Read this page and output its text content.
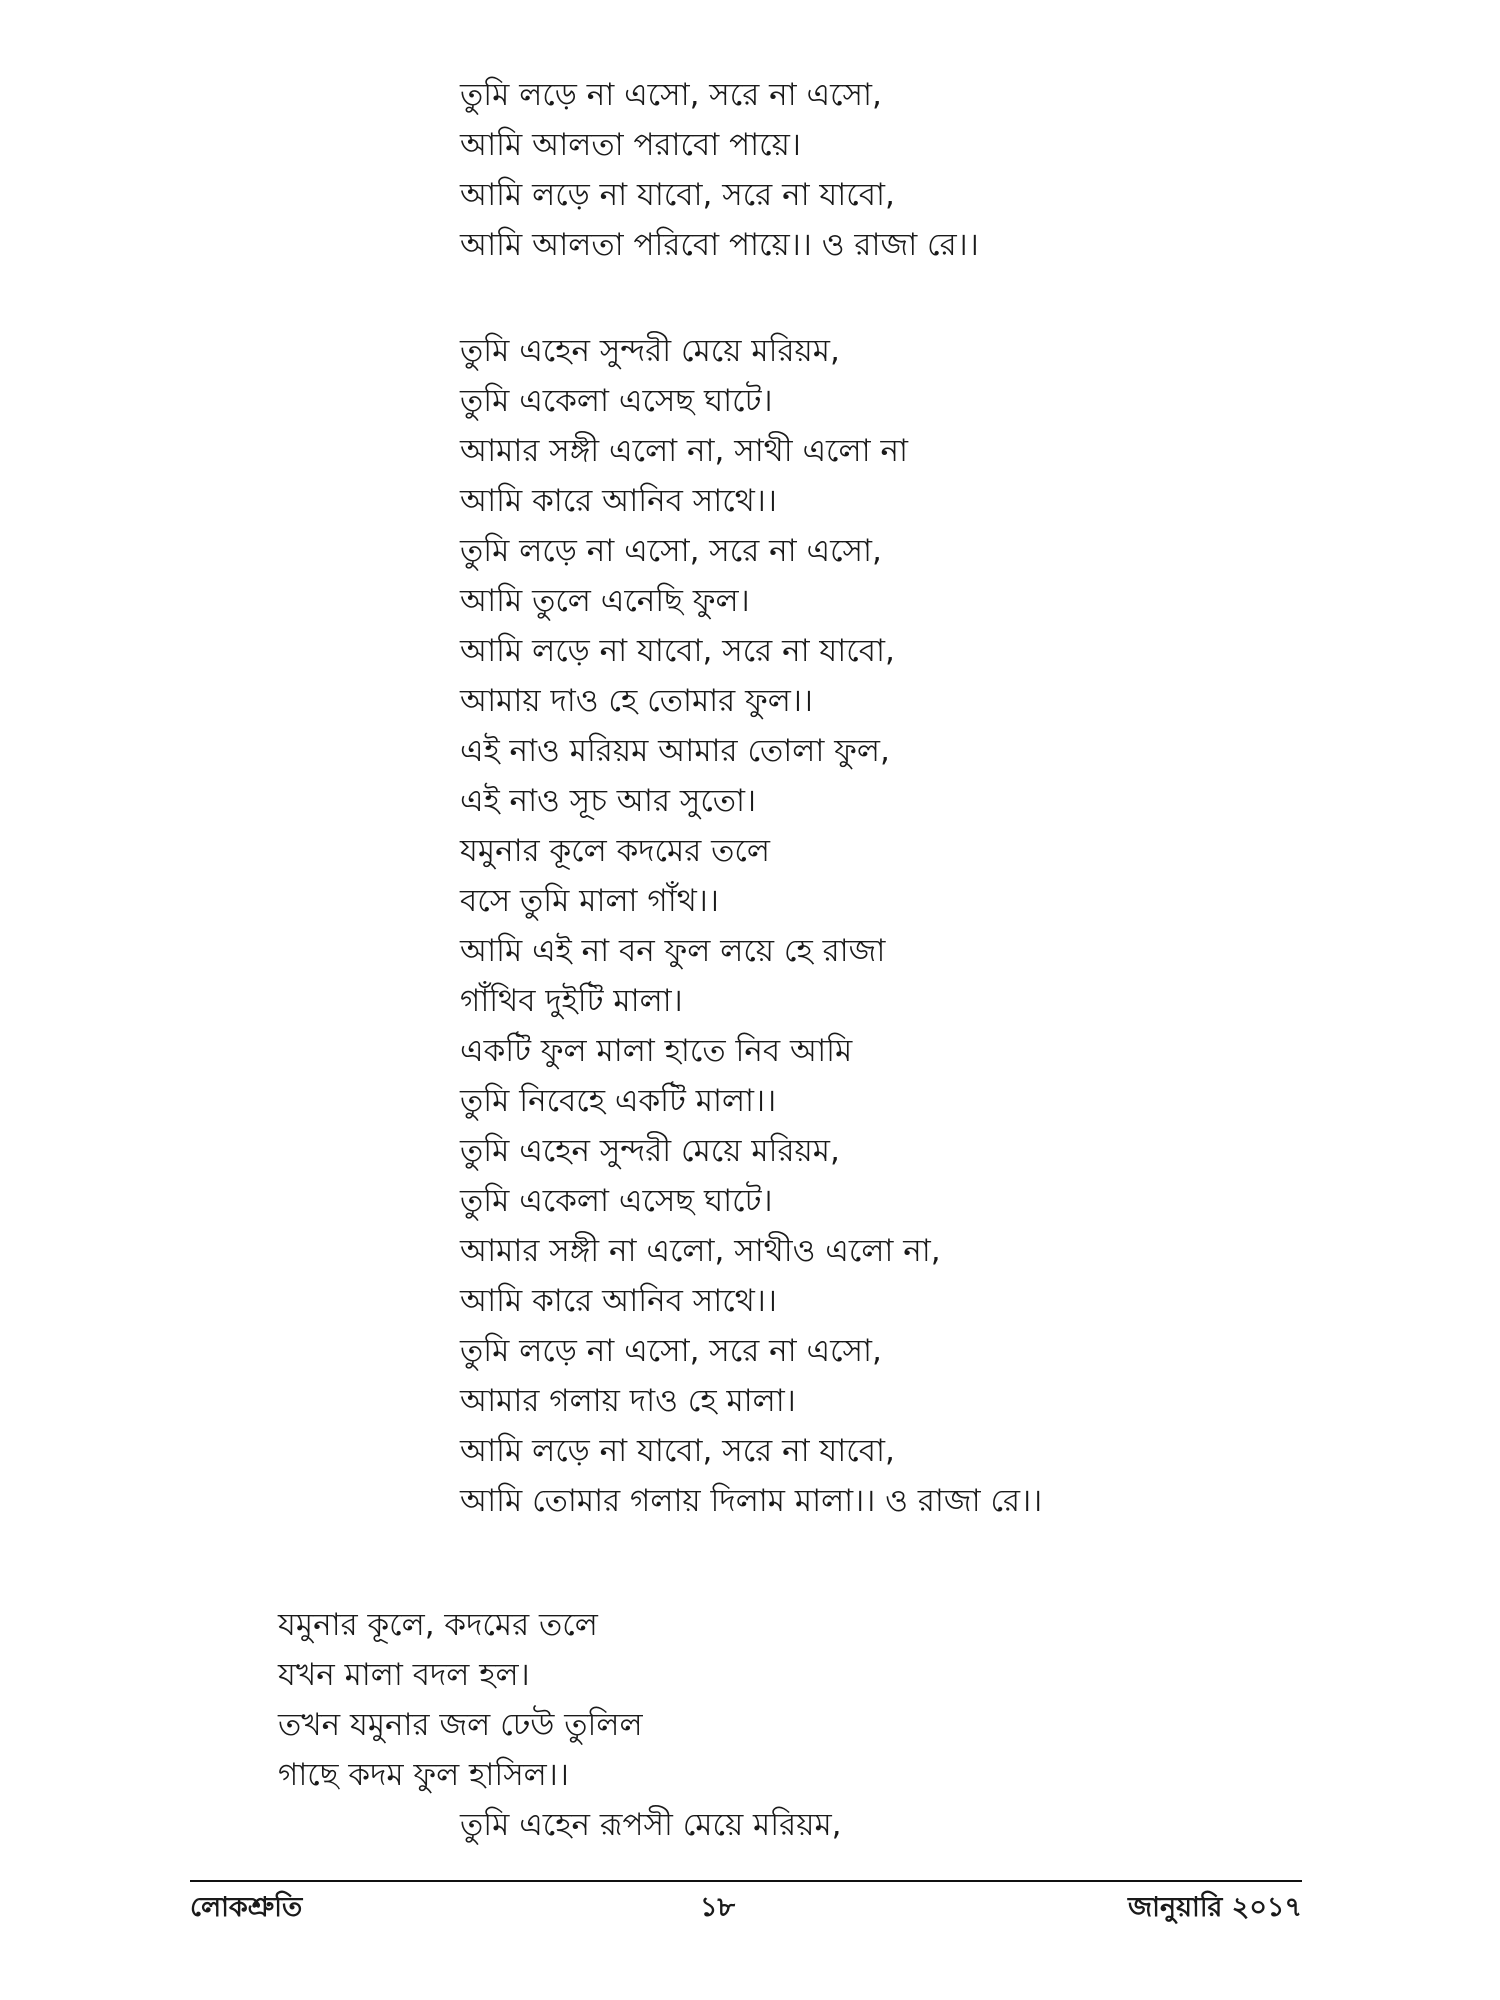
তুমি লড়ে না এসো, সরে না এসো,
আমি আলতা পরাবো পায়ে।
আমি লড়ে না যাবো, সরে না যাবো,
আমি আলতা পরিবো পায়ে।। ও রাজা রে।।
তুমি এহেন সুন্দরী মেয়ে মরিয়ম,
তুমি একেলা এসেছ ঘাটে।
আমার সঙ্গী এলো না, সাথী এলো না
আমি কারে আনিব সাথে।।
তুমি লড়ে না এসো, সরে না এসো,
আমি তুলে এনেছি ফুল।
আমি লড়ে না যাবো, সরে না যাবো,
আমায় দাও হে তোমার ফুল।।
এই নাও মরিয়ম আমার তোলা ফুল,
এই নাও সূচ আর সুতো।
যমুনার কূলে কদমের তলে
বসে তুমি মালা গাঁথ।।
আমি এই না বন ফুল লয়ে হে রাজা
গাঁথিব দুইটি মালা।
একটি ফুল মালা হাতে নিব আমি
তুমি নিবেহে একটি মালা।।
তুমি এহেন সুন্দরী মেয়ে মরিয়ম,
তুমি একেলা এসেছ ঘাটে।
আমার সঙ্গী না এলো, সাথীও এলো না,
আমি কারে আনিব সাথে।।
তুমি লড়ে না এসো, সরে না এসো,
আমার গলায় দাও হে মালা।
আমি লড়ে না যাবো, সরে না যাবো,
আমি তোমার গলায় দিলাম মালা।। ও রাজা রে।।
যমুনার কূলে, কদমের তলে
যখন মালা বদল হল।
তখন যমুনার জল ঢেউ তুলিল
গাছে কদম ফুল হাসিল।।
তুমি এহেন রূপসী মেয়ে মরিয়ম,
লোকশ্রুতি	১৮	জানুয়ারি ২০১৭
